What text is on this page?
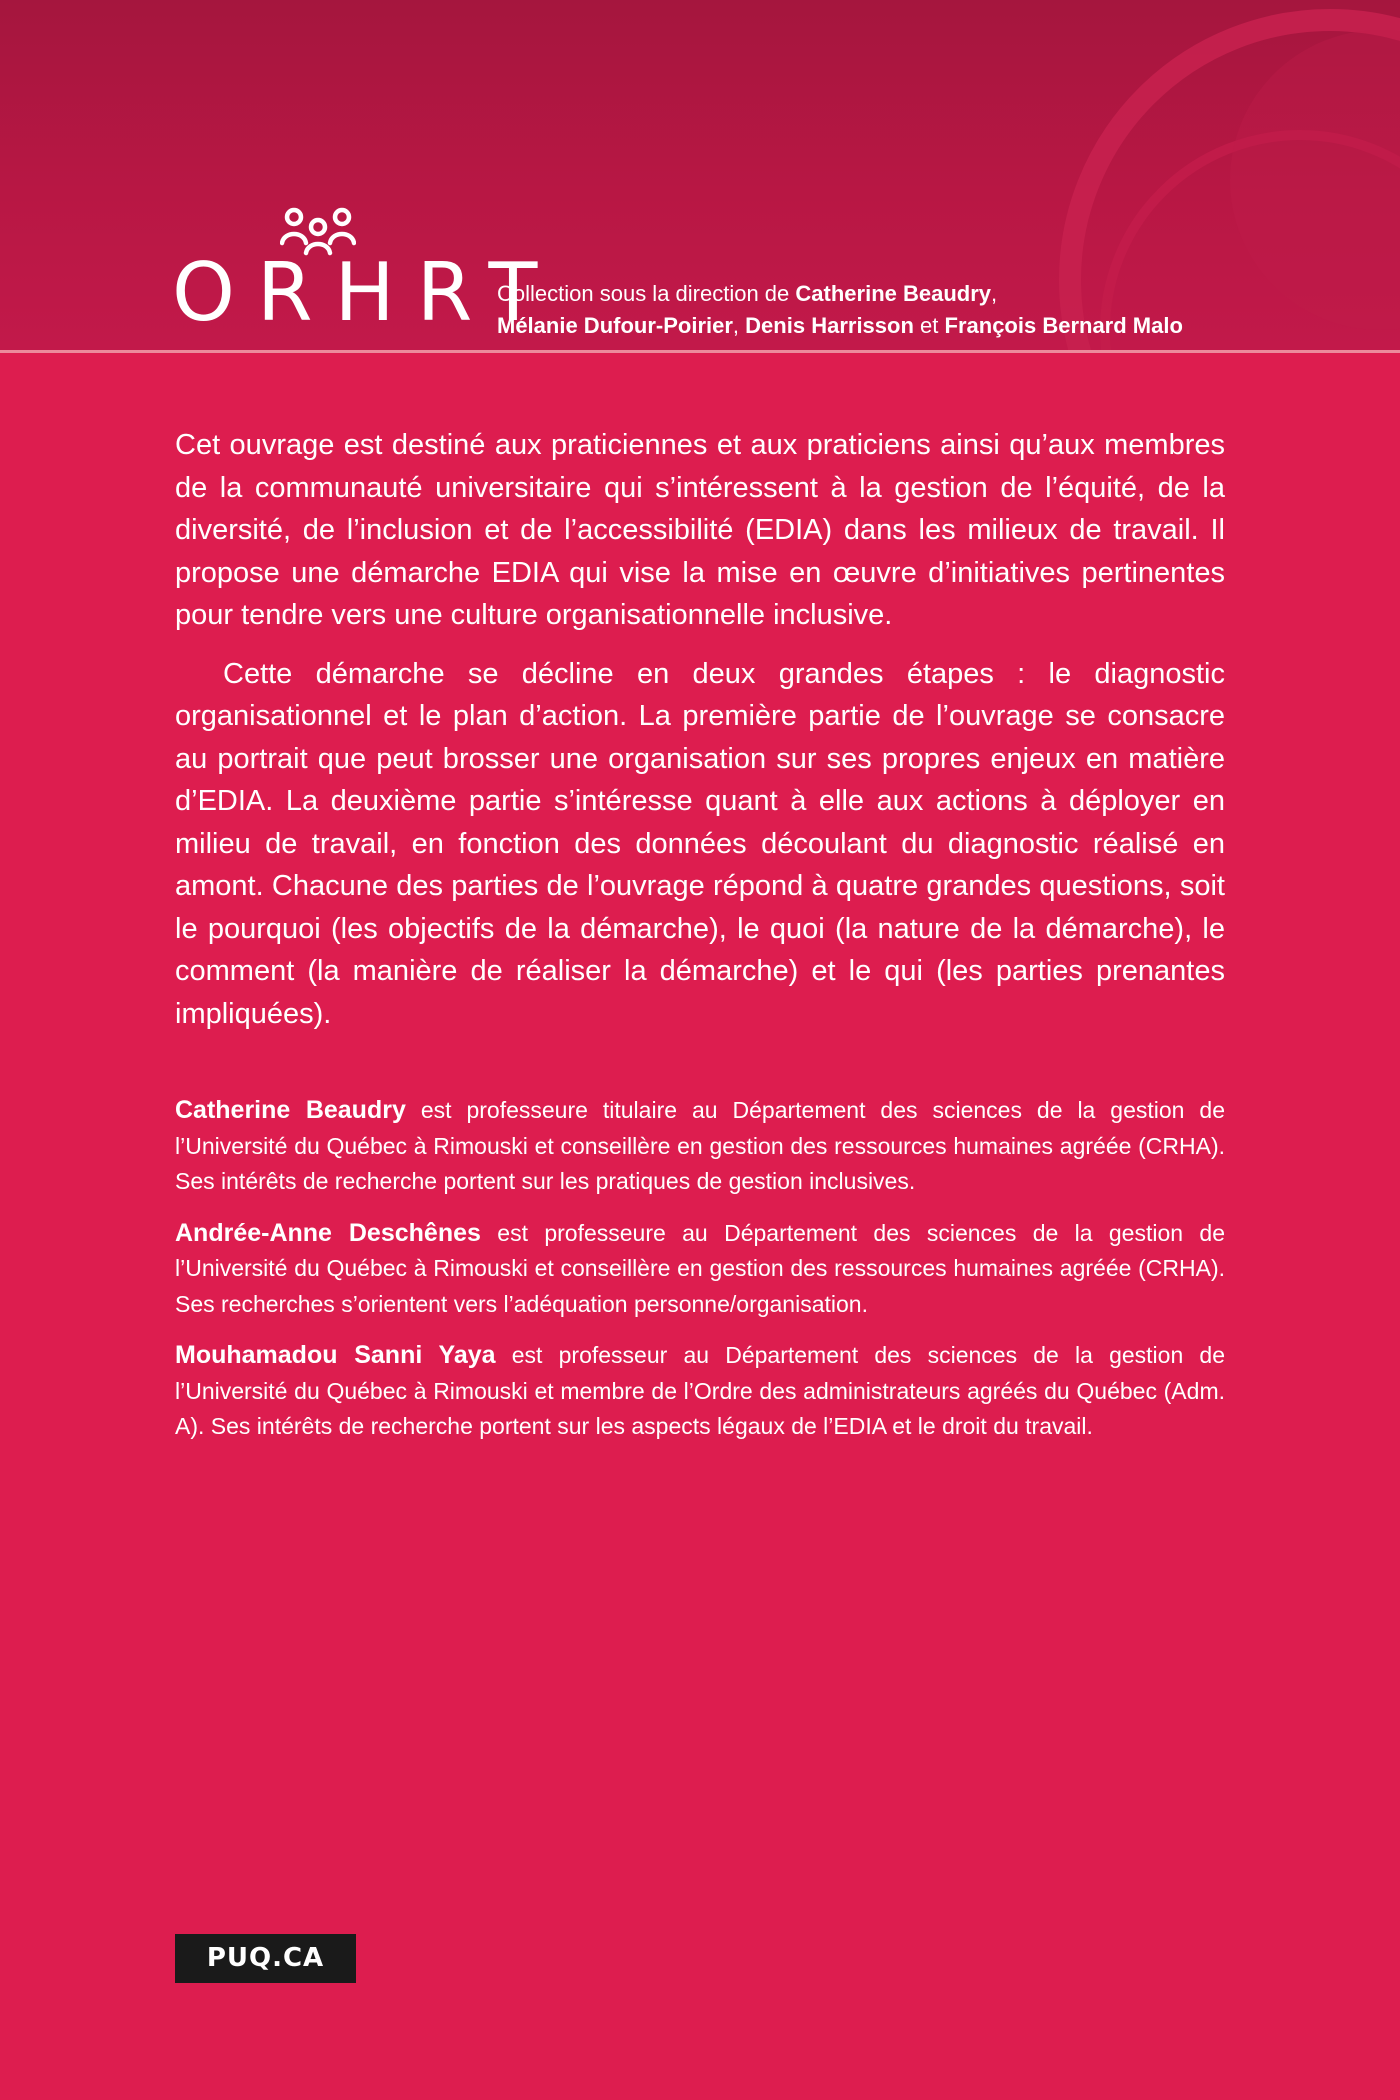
ORHRT
Collection sous la direction de Catherine Beaudry,
Mélanie Dufour-Poirier, Denis Harrisson et François Bernard Malo

Cet ouvrage est destiné aux praticiennes et aux praticiens ainsi qu’aux membres de la communauté universitaire qui s’intéressent à la gestion de l’équité, de la diversité, de l’inclusion et de l’accessibilité (EDIA) dans les milieux de travail. Il propose une démarche EDIA qui vise la mise en œuvre d’initiatives pertinentes pour tendre vers une culture organisationnelle inclusive.

Cette démarche se décline en deux grandes étapes : le diagnostic organisationnel et le plan d’action. La première partie de l’ouvrage se consacre au portrait que peut brosser une organisation sur ses propres enjeux en matière d’EDIA. La deuxième partie s’intéresse quant à elle aux actions à déployer en milieu de travail, en fonction des données découlant du diagnostic réalisé en amont. Chacune des parties de l’ouvrage répond à quatre grandes questions, soit le pourquoi (les objectifs de la démarche), le quoi (la nature de la démarche), le comment (la manière de réaliser la démarche) et le qui (les parties prenantes impliquées).

Catherine Beaudry est professeure titulaire au Département des sciences de la gestion de l’Université du Québec à Rimouski et conseillère en gestion des ressources humaines agréée (CRHA). Ses intérêts de recherche portent sur les pratiques de gestion inclusives.

Andrée-Anne Deschênes est professeure au Département des sciences de la gestion de l’Université du Québec à Rimouski et conseillère en gestion des ressources humaines agréée (CRHA). Ses recherches s’orientent vers l’adéquation personne/organisation.

Mouhamadou Sanni Yaya est professeur au Département des sciences de la gestion de l’Université du Québec à Rimouski et membre de l’Ordre des administrateurs agréés du Québec (Adm. A). Ses intérêts de recherche portent sur les aspects légaux de l’EDIA et le droit du travail.

PUQ.CA
